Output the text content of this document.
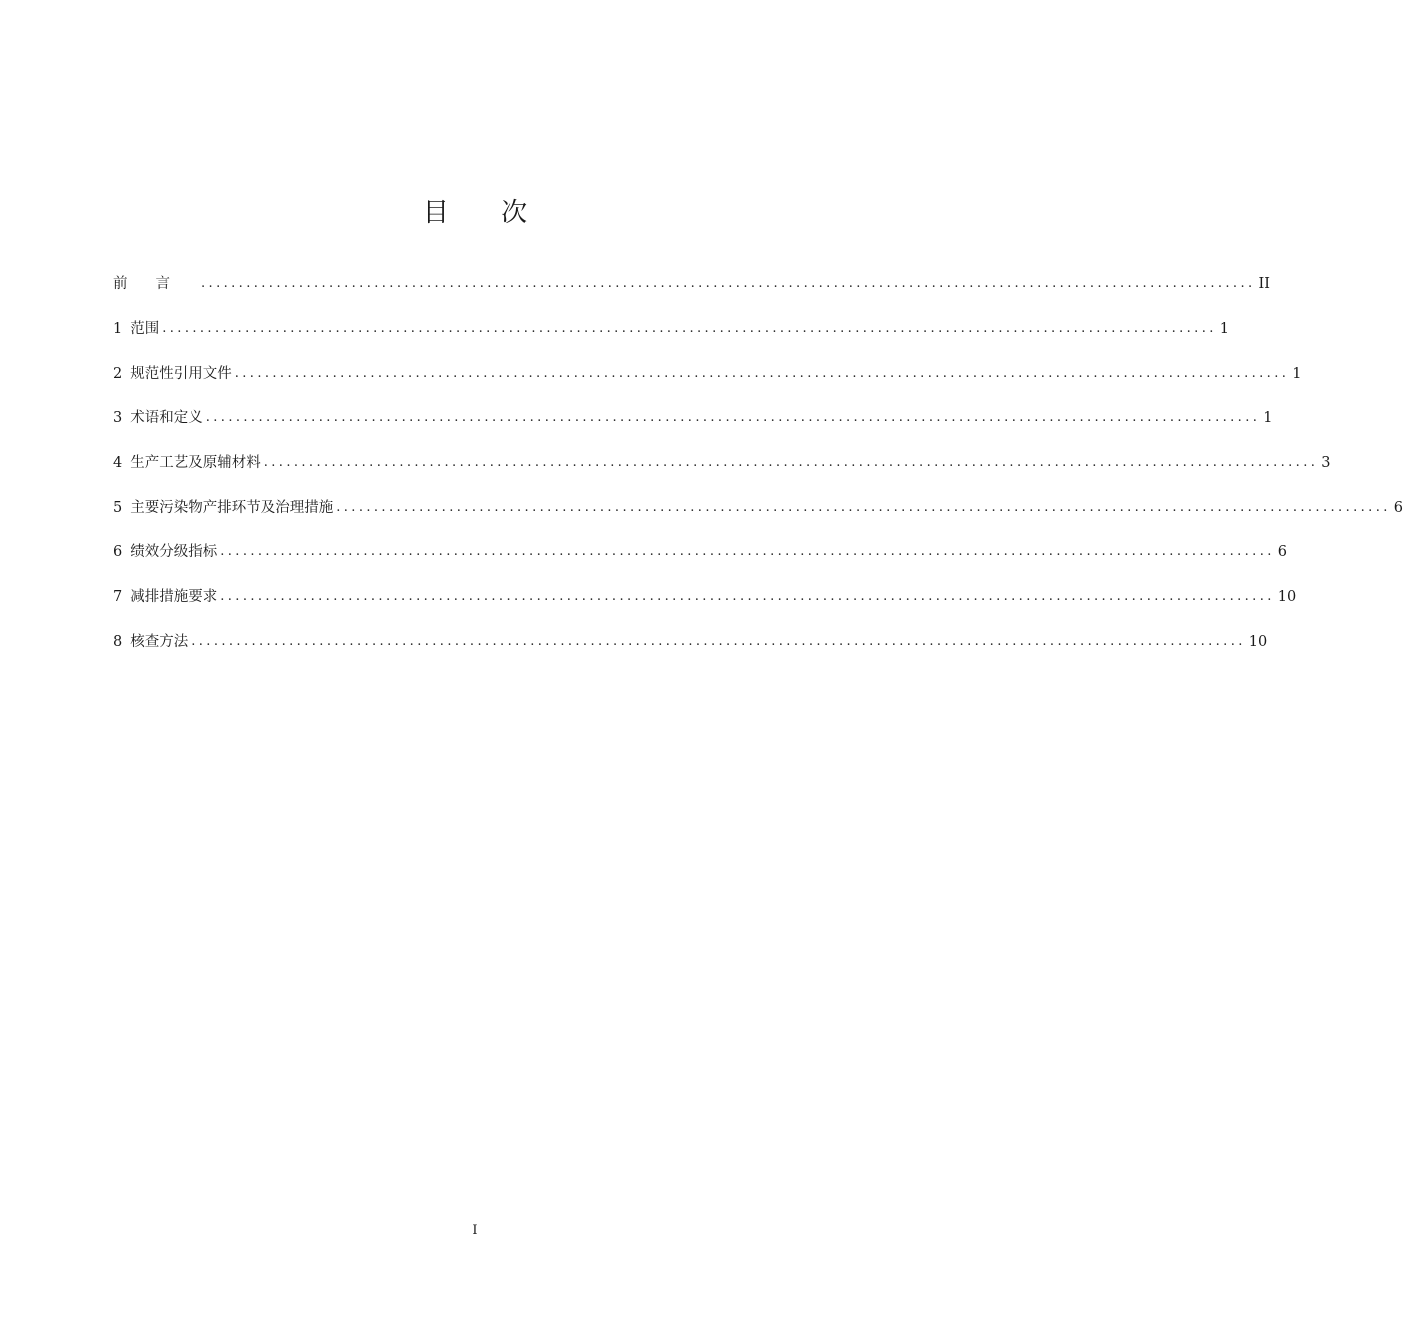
目 次
前言 ............................................................................................................................................ II
1 范围 ............................................................................................................................................ 1
2 规范性引用文件 ............................................................................................................................................ 1
3 术语和定义 ............................................................................................................................................ 1
4 生产工艺及原辅材料 ............................................................................................................................................ 3
5 主要污染物产排环节及治理措施 ............................................................................................................................................ 6
6 绩效分级指标 ............................................................................................................................................ 6
7 减排措施要求 ............................................................................................................................................ 10
8 核查方法 ............................................................................................................................................ 10
I
